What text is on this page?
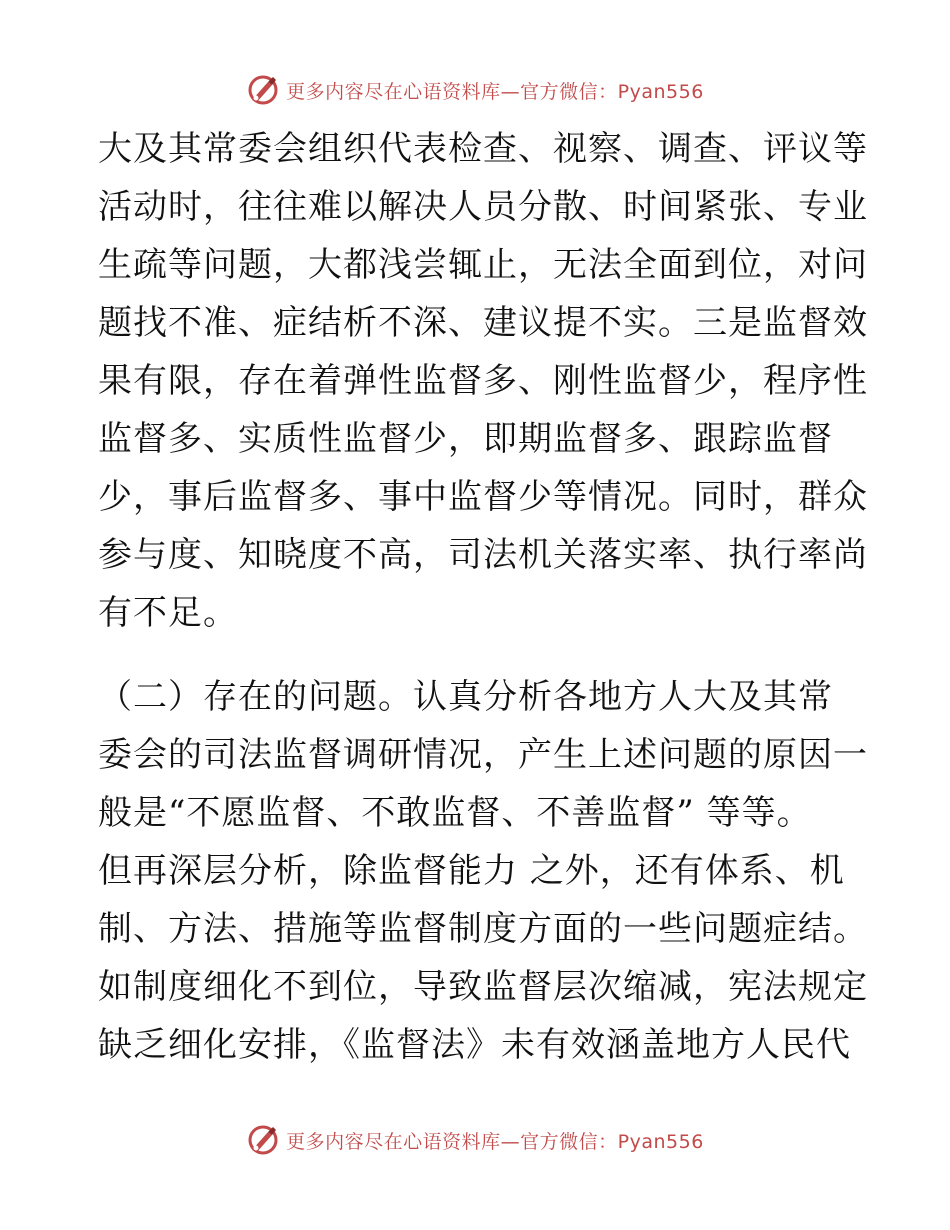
更多内容尽在心语资料库—官方微信：Pyan556
大及其常委会组织代表检查、视察、调查、评议等
活动时，往往难以解决人员分散、时间紧张、专业
生疏等问题，大都浅尝辄止，无法全面到位，对问
题找不准、症结析不深、建议提不实。三是监督效
果有限，存在着弹性监督多、刚性监督少，程序性
监督多、实质性监督少，即期监督多、跟踪监督
少，事后监督多、事中监督少等情况。同时，群众
参与度、知晓度不高，司法机关落实率、执行率尚
有不足。
（二）存在的问题。认真分析各地方人大及其常
委会的司法监督调研情况，产生上述问题的原因一
般是“不愿监督、不敢监督、不善监督” 等等。
但再深层分析，除监督能力 之外，还有体系、机
制、方法、措施等监督制度方面的一些问题症结。
如制度细化不到位，导致监督层次缩减，宪法规定
缺乏细化安排，《监督法》未有效涵盖地方人民代
更多内容尽在心语资料库—官方微信：Pyan556
